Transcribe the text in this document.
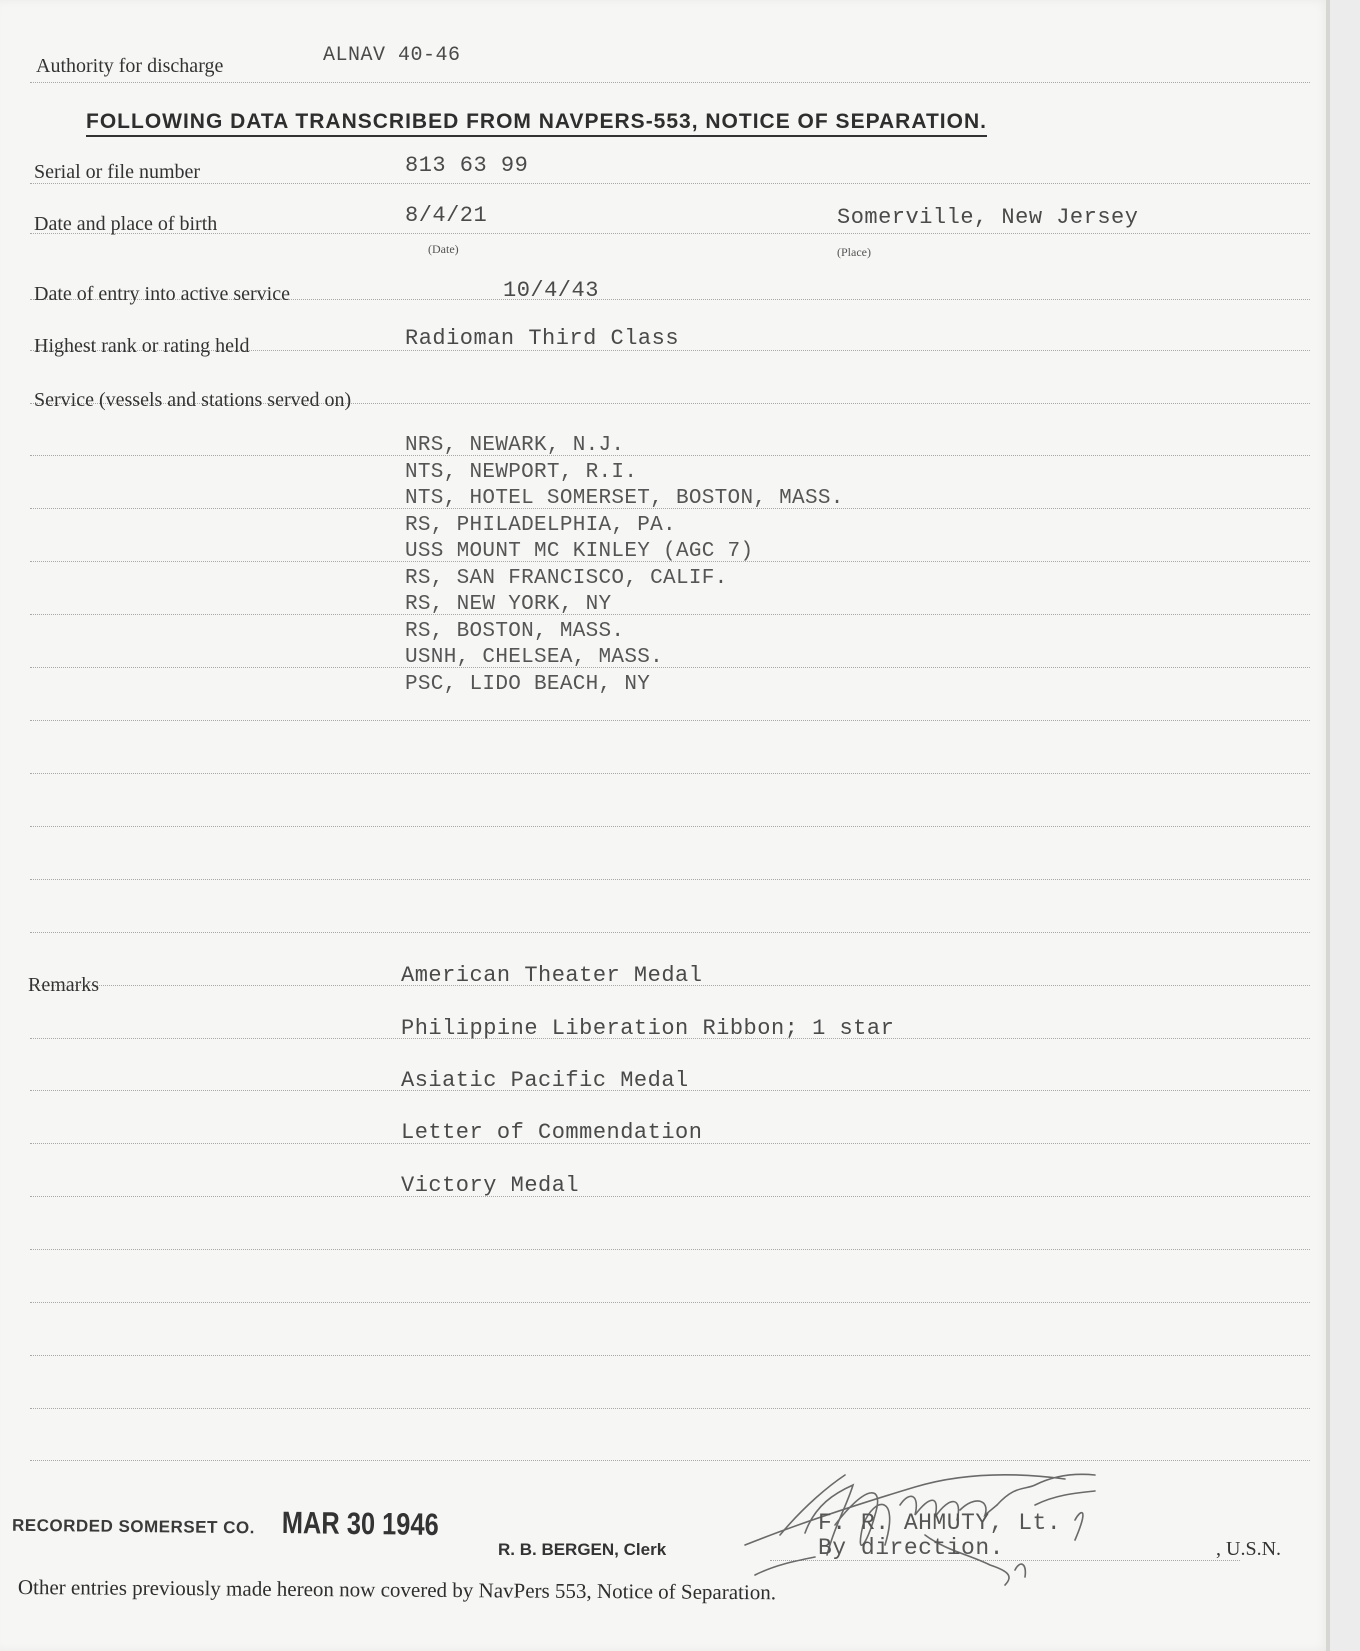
Authority for discharge	ALNAV 40-46
FOLLOWING DATA TRANSCRIBED FROM NAVPERS-553, NOTICE OF SEPARATION.
Serial or file number	813 63 99
Date and place of birth	8/4/21
(Date)
Somerville, New Jersey
(Place)
Date of entry into active service	10/4/43
Highest rank or rating held	Radioman Third Class
Service (vessels and stations served on)
NRS, NEWARK, N.J.
NTS, NEWPORT, R.I.
NTS, HOTEL SOMERSET, BOSTON, MASS.
RS, PHILADELPHIA, PA.
USS MOUNT MC KINLEY (AGC 7)
RS, SAN FRANCISCO, CALIF.
RS, NEW YORK, NY
RS, BOSTON, MASS.
USNH, CHELSEA, MASS.
PSC, LIDO BEACH, NY
Remarks	American Theater Medal
Philippine Liberation Ribbon; 1 star
Asiatic Pacific Medal
Letter of Commendation
Victory Medal
RECORDED SOMERSET CO. MAR 30 1946
R. B. BERGEN, Clerk
F. R. AHMUTY, Lt.
By direction.	, U.S.N.
Other entries previously made hereon now covered by NavPers 553, Notice of Separation.
